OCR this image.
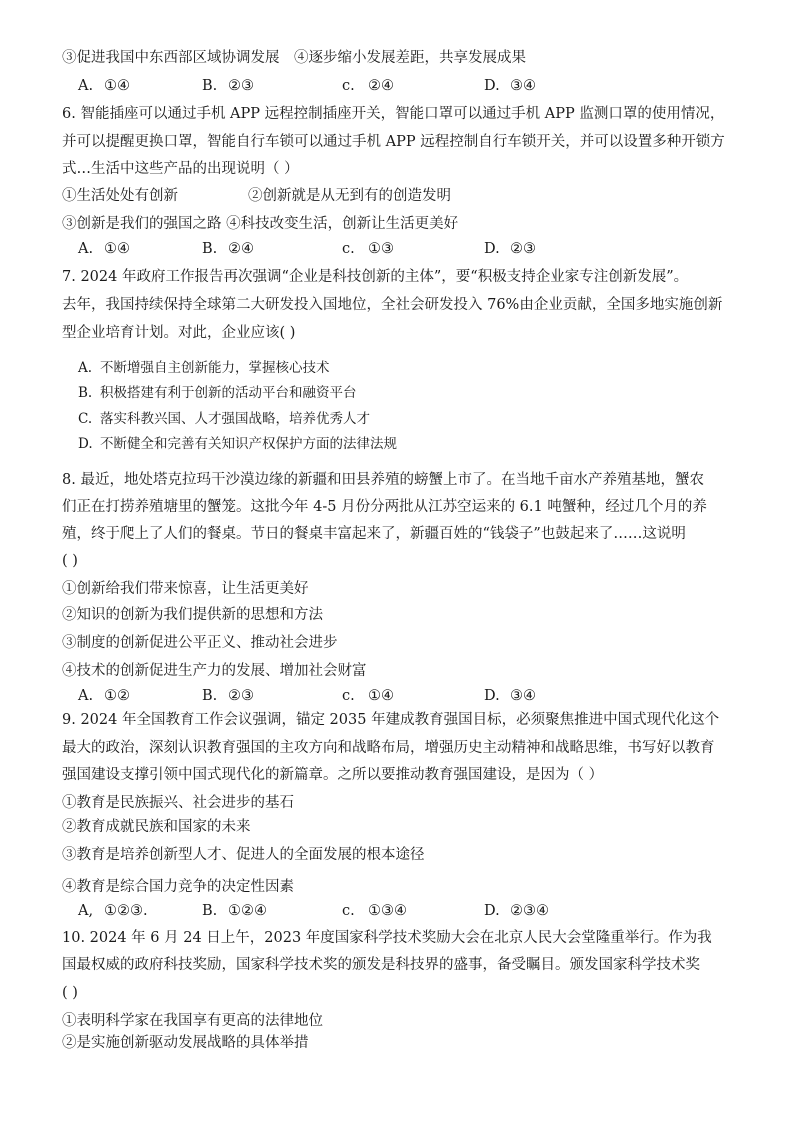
③促进我国中东西部区域协调发展　④逐步缩小发展差距，共享发展成果
A. ①④	B. ②③	c. ②④	D. ③④
6. 智能插座可以通过手机 APP 远程控制插座开关，智能口罩可以通过手机 APP 监测口罩的使用情况，
并可以提醒更换口罩，智能自行车锁可以通过手机 APP 远程控制自行车锁开关，并可以设置多种开锁方
式…生活中这些产品的出现说明（ ）
①生活处处有创新	②创新就是从无到有的创造发明
③创新是我们的强国之路 ④科技改变生活，创新让生活更美好
A. ①④	B. ②④	c. ①③	D. ②③
7. 2024 年政府工作报告再次强调“企业是科技创新的主体”，要“积极支持企业家专注创新发展”。
去年，我国持续保持全球第二大研发投入国地位，全社会研发投入 76%由企业贡献，全国多地实施创新
型企业培育计划。对此，企业应该( )
A. 不断增强自主创新能力，掌握核心技术
B. 积极搭建有利于创新的活动平台和融资平台
C. 落实科教兴国、人才强国战略，培养优秀人才
D. 不断健全和完善有关知识产权保护方面的法律法规
8. 最近，地处塔克拉玛干沙漠边缘的新疆和田县养殖的螃蟹上市了。在当地千亩水产养殖基地，蟹农
们正在打捞养殖塘里的蟹笼。这批今年 4-5 月份分两批从江苏空运来的 6.1 吨蟹种，经过几个月的养
殖，终于爬上了人们的餐桌。节日的餐桌丰富起来了，新疆百姓的“钱袋子”也鼓起来了……这说明
( )
①创新给我们带来惊喜，让生活更美好
②知识的创新为我们提供新的思想和方法
③制度的创新促进公平正义、推动社会进步
④技术的创新促进生产力的发展、增加社会财富
A. ①②	B. ②③	c. ①④	D. ③④
9. 2024 年全国教育工作会议强调，锚定 2035 年建成教育强国目标，必须聚焦推进中国式现代化这个
最大的政治，深刻认识教育强国的主攻方向和战略布局，增强历史主动精神和战略思维，书写好以教育
强国建设支撑引领中国式现代化的新篇章。之所以要推动教育强国建设，是因为（ ）
①教育是民族振兴、社会进步的基石
②教育成就民族和国家的未来
③教育是培养创新型人才、促进人的全面发展的根本途径
④教育是综合国力竞争的决定性因素
A, ①②③.	B. ①②④	c. ①③④	D. ②③④
10. 2024 年 6 月 24 日上午，2023 年度国家科学技术奖励大会在北京人民大会堂隆重举行。作为我
国最权威的政府科技奖励，国家科学技术奖的颁发是科技界的盛事，备受瞩目。颁发国家科学技术奖
( )
①表明科学家在我国享有更高的法律地位
②是实施创新驱动发展战略的具体举措
